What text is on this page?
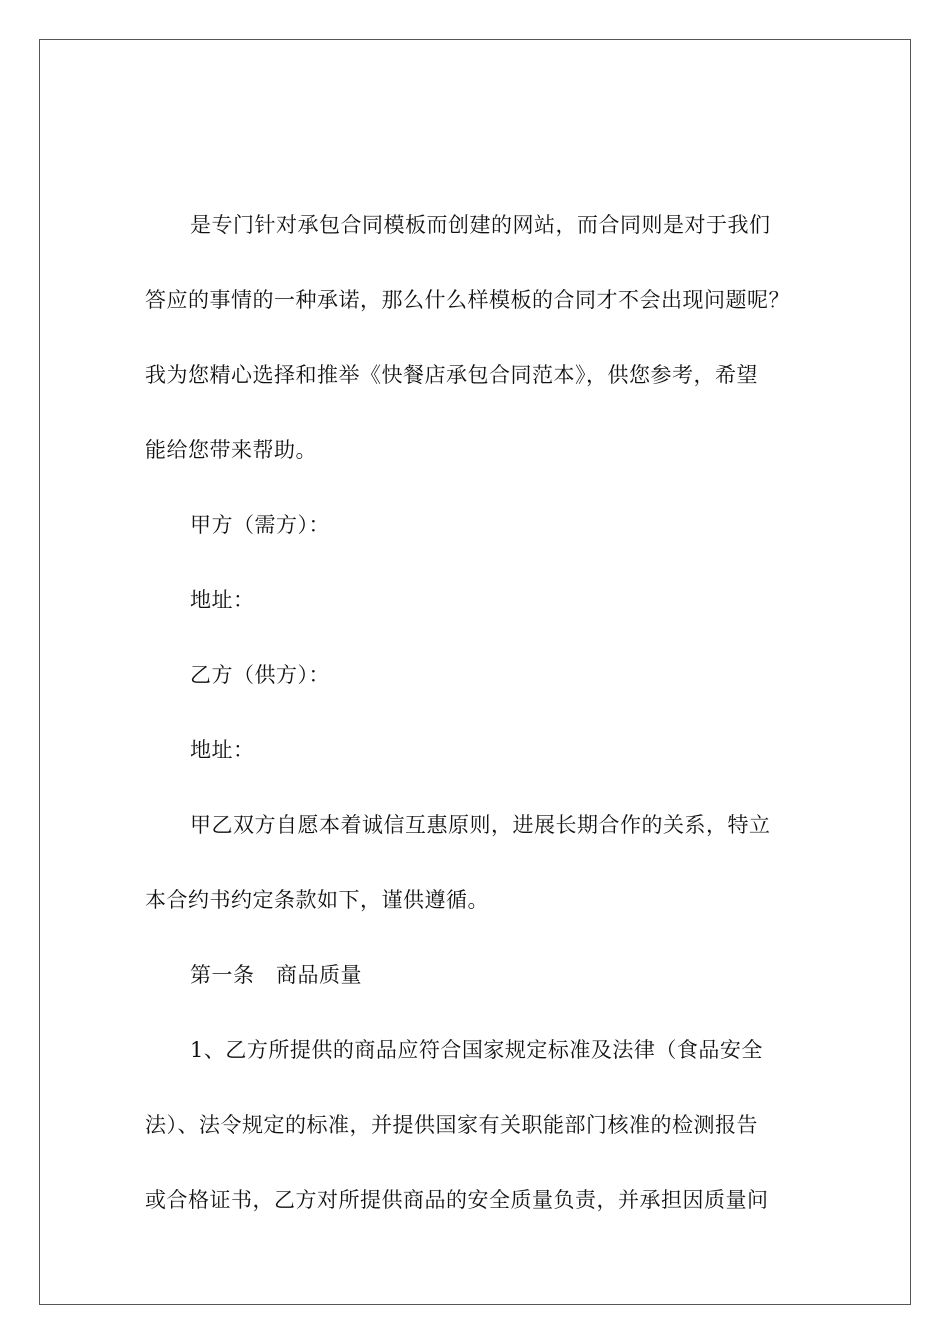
是专门针对承包合同模板而创建的网站，而合同则是对于我们
答应的事情的一种承诺，那么什么样模板的合同才不会出现问题呢？
我为您精心选择和推举《快餐店承包合同范本》，供您参考，希望
能给您带来帮助。
甲方（需方）：
地址：
乙方（供方）：
地址：
甲乙双方自愿本着诚信互惠原则，进展长期合作的关系，特立
本合约书约定条款如下，谨供遵循。
第一条　商品质量
1、乙方所提供的商品应符合国家规定标准及法律（食品安全
法）、法令规定的标准，并提供国家有关职能部门核准的检测报告
或合格证书，乙方对所提供商品的安全质量负责，并承担因质量问
